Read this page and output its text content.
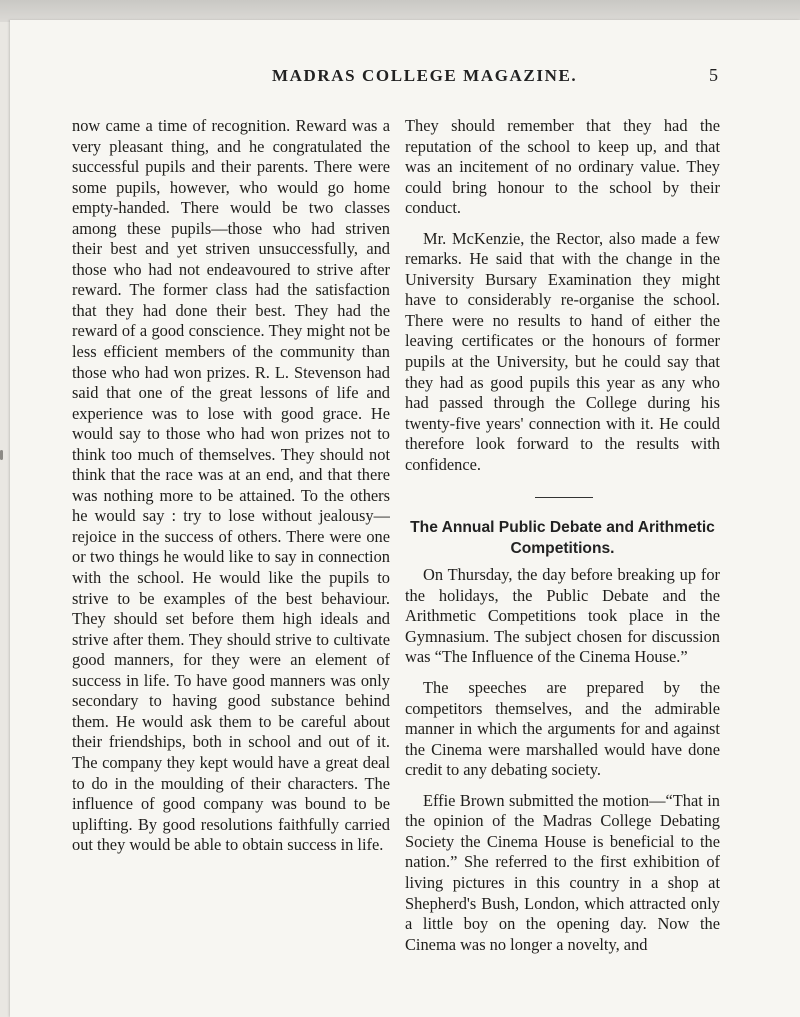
MADRAS COLLEGE MAGAZINE.	5

now came a time of recognition. Reward was a very pleasant thing, and he congratulated the successful pupils and their parents. There were some pupils, however, who would go home empty-handed. There would be two classes among these pupils—those who had striven their best and yet striven unsuccessfully, and those who had not endeavoured to strive after reward. The former class had the satisfaction that they had done their best. They had the reward of a good conscience. They might not be less efficient members of the community than those who had won prizes. R. L. Stevenson had said that one of the great lessons of life and experience was to lose with good grace. He would say to those who had won prizes not to think too much of themselves. They should not think that the race was at an end, and that there was nothing more to be attained. To the others he would say : try to lose without jealousy—rejoice in the success of others. There were one or two things he would like to say in connection with the school. He would like the pupils to strive to be examples of the best behaviour. They should set before them high ideals and strive after them. They should strive to cultivate good manners, for they were an element of success in life. To have good manners was only secondary to having good substance behind them. He would ask them to be careful about their friendships, both in school and out of it. The company they kept would have a great deal to do in the moulding of their characters. The influence of good company was bound to be uplifting. By good resolutions faithfully carried out they would be able to obtain success in life.

They should remember that they had the reputation of the school to keep up, and that was an incitement of no ordinary value. They could bring honour to the school by their conduct.

Mr. McKenzie, the Rector, also made a few remarks. He said that with the change in the University Bursary Examination they might have to considerably re-organise the school. There were no results to hand of either the leaving certificates or the honours of former pupils at the University, but he could say that they had as good pupils this year as any who had passed through the College during his twenty-five years' connection with it. He could therefore look forward to the results with confidence.

The Annual Public Debate and Arithmetic Competitions.

On Thursday, the day before breaking up for the holidays, the Public Debate and the Arithmetic Competitions took place in the Gymnasium. The subject chosen for discussion was “The Influence of the Cinema House.”

The speeches are prepared by the competitors themselves, and the admirable manner in which the arguments for and against the Cinema were marshalled would have done credit to any debating society.

Effie Brown submitted the motion—“That in the opinion of the Madras College Debating Society the Cinema House is beneficial to the nation.” She referred to the first exhibition of living pictures in this country in a shop at Shepherd's Bush, London, which attracted only a little boy on the opening day. Now the Cinema was no longer a novelty, and
